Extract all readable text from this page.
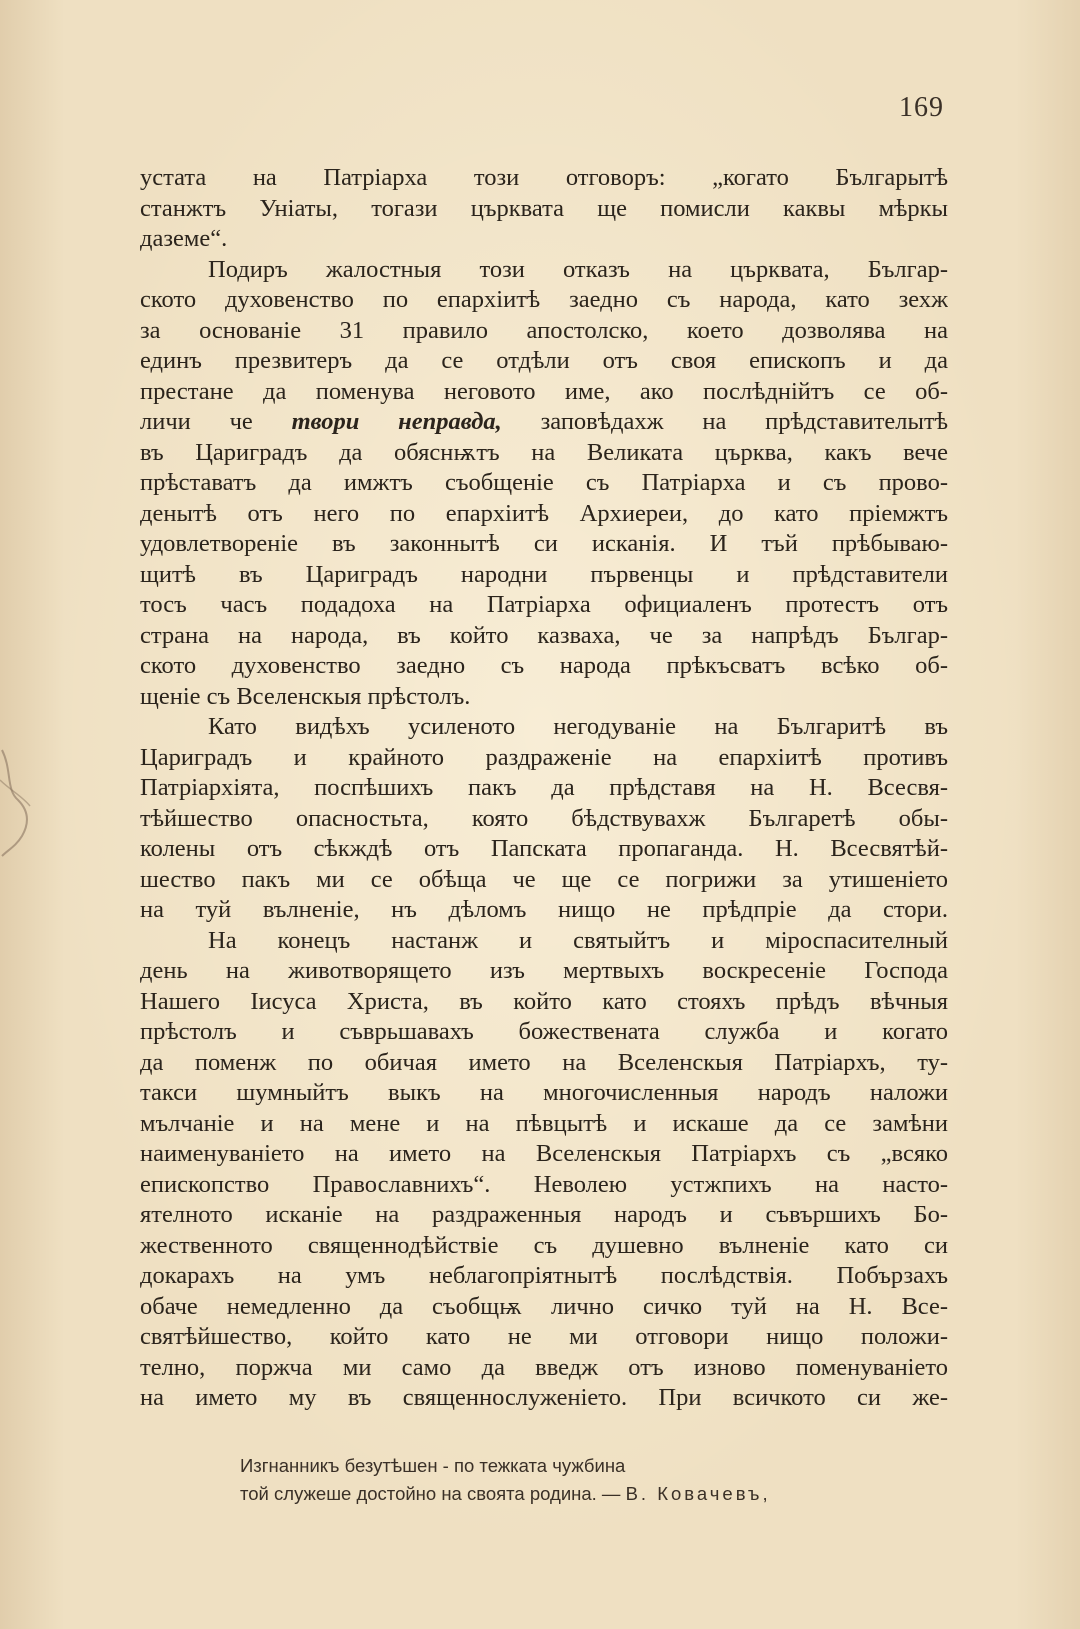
169
устата на Патріарха този отговоръ: „когато Българытѣ
станжтъ Уніаты, тогази църквата ще помисли каквы мѣркы
даземе“.
Подиръ жалостныя този отказъ на църквата, Българ-
ското духовенство по епархіитѣ заедно съ народа, като зехж
за основаніе 31 правило апостолско, което дозволява на
единъ презвитеръ да се отдѣли отъ своя епископъ и да
престане да поменува неговото име, ако послѣднійтъ се об-
личи че твори неправда, заповѣдахж на прѣдставителытѣ
въ Цариградъ да обяснѭтъ на Великата църква, какъ вече
прѣставатъ да имжтъ съобщеніе съ Патріарха и съ прово-
денытѣ отъ него по епархіитѣ Архиереи, до като пріемжтъ
удовлетвореніе въ законнытѣ си исканія. И тъй прѣбываю-
щитѣ въ Цариградъ народни първенцы и прѣдставители
тосъ часъ подадоха на Патріарха официаленъ протестъ отъ
страна на народа, въ който казваха, че за напрѣдъ Българ-
ското духовенство заедно съ народа прѣкъсватъ всѣко об-
щеніе съ Вселенскыя прѣстолъ.
Като видѣхъ усиленото негодуваніе на Българитѣ въ
Цариградъ и крайното раздраженіе на епархіитѣ противъ
Патріархіята, поспѣшихъ пакъ да прѣдставя на Н. Всесвя-
тѣйшество опасностьта, която бѣдствувахж Българетѣ обы-
колены отъ сѣкждѣ отъ Папската пропаганда. Н. Всесвятѣй-
шество пакъ ми се обѣща че ще се погрижи за утишеніето
на туй вълненіе, нъ дѣломъ нищо не прѣдпріе да стори.
На конецъ настанж и святыйтъ и міроспасителный
день на животворящето изъ мертвыхъ воскресеніе Господа
Нашего Іисуса Христа, въ който като стояхъ прѣдъ вѣчныя
прѣстолъ и съврьшавахъ божествената служба и когато
да поменж по обичая името на Вселенскыя Патріархъ, ту-
такси шумныйтъ выкъ на многочисленныя народъ наложи
мълчаніе и на мене и на пѣвцытѣ и искаше да се замѣни
наименуваніето на името на Вселенскыя Патріархъ съ „всяко
епископство Православнихъ“. Неволею устжпихъ на насто-
ятелното исканіе на раздраженныя народъ и съвършихъ Бо-
жественното священнодѣйствіе съ душевно вълненіе като си
докарахъ на умъ неблагопріятнытѣ послѣдствія. Побързахъ
обаче немедленно да съобщѭ лично сичко туй на Н. Все-
святѣйшество, който като не ми отговори нищо положи-
телно, поржча ми само да введж отъ изново поменуваніето
на името му въ священнослуженіето. При всичкото си же-
Изгнанникъ безутѣшен - по тежката чужбина
той служеше достойно на своята родина. — В. Ковачевъ,
